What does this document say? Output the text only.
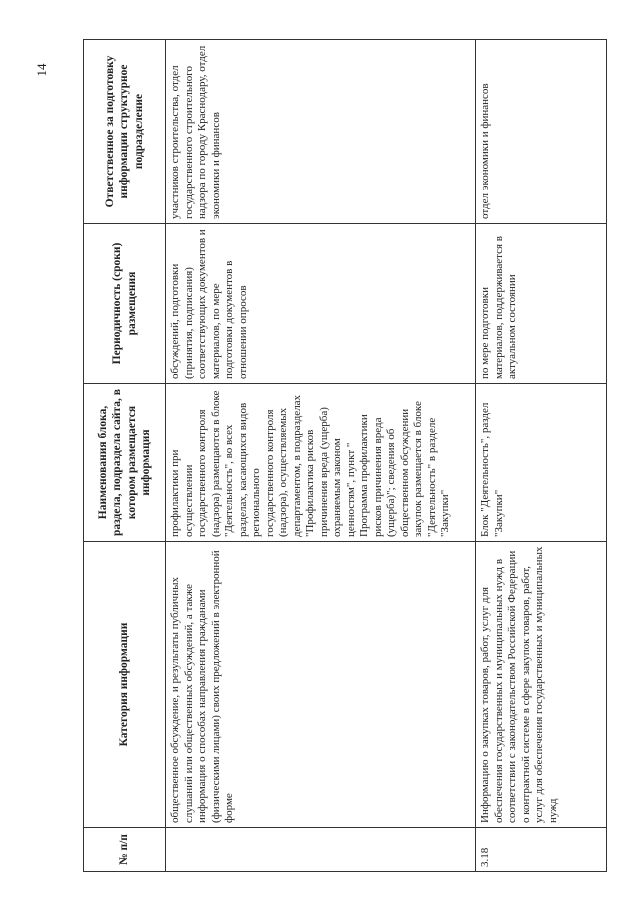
14
№ п/п	Категория информации	Наименования блока, раздела, подраздела сайта, в котором размещается информация	Периодичность (сроки) размещения	Ответственное за подготовку информации структурное подразделение
	общественное обсуждение, и результаты публичных слушаний или общественных обсуждений, а также информация о способах направления гражданами (физическими лицами) своих предложений в электронной форме	профилактики при осуществлении государственного контроля (надзора) размещаются в блоке "Деятельность", во всех разделах, касающихся видов регионального государственного контроля (надзора), осуществляемых департаментом, в подразделах "Профилактика рисков причинения вреда (ущерба) охраняемым законом ценностям", пункт " Программа профилактики рисков причинения вреда (ущерба)"; сведения об общественном обсуждении закупок размещается в блоке "Деятельность" в разделе "Закупки"	обсуждений, подготовки (принятия, подписания) соответствующих документов и материалов, по мере подготовки документов в отношении опросов	участников строительства, отдел государственного строительного надзора по городу Краснодару, отдел экономики и финансов
3.18	Информацию о закупках товаров, работ, услуг для обеспечения государственных и муниципальных нужд в соответствии с законодательством Российской Федерации о контрактной системе в сфере закупок товаров, работ, услуг для обеспечения государственных и муниципальных нужд	Блок "Деятельность", раздел "Закупки"	по мере подготовки материалов, поддерживается в актуальном состоянии	отдел экономики и финансов
